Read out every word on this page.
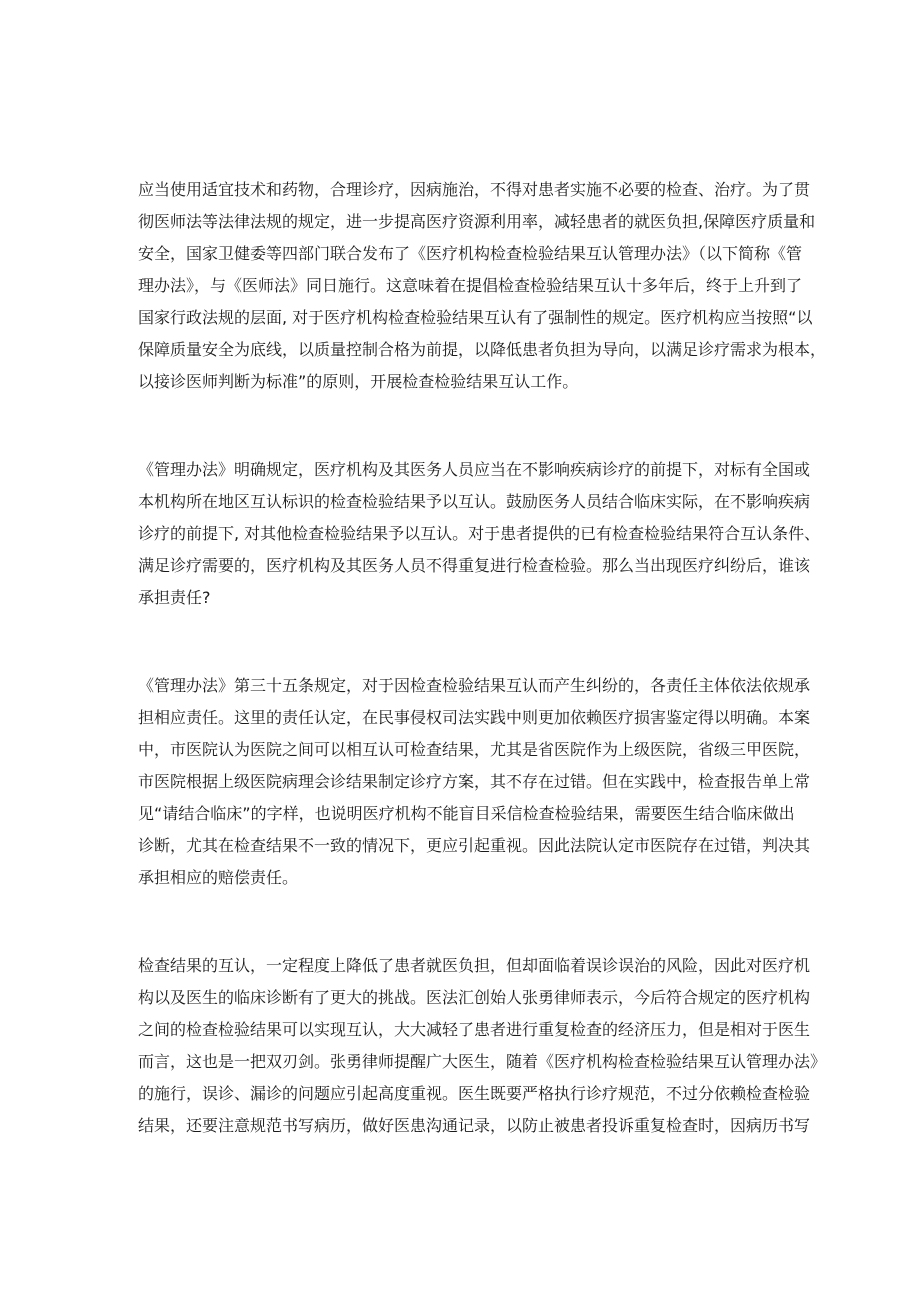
应当使用适宜技术和药物，合理诊疗，因病施治，不得对患者实施不必要的检查、治疗。为了贯
彻医师法等法律法规的规定，进一步提高医疗资源利用率，减轻患者的就医负担,保障医疗质量和
安全，国家卫健委等四部门联合发布了《医疗机构检查检验结果互认管理办法》（以下简称《管
理办法》，与《医师法》同日施行。这意味着在提倡检查检验结果互认十多年后，终于上升到了
国家行政法规的层面, 对于医疗机构检查检验结果互认有了强制性的规定。医疗机构应当按照“以
保障质量安全为底线，以质量控制合格为前提，以降低患者负担为导向，以满足诊疗需求为根本，
以接诊医师判断为标准”的原则，开展检查检验结果互认工作。
《管理办法》明确规定，医疗机构及其医务人员应当在不影响疾病诊疗的前提下，对标有全国或
本机构所在地区互认标识的检查检验结果予以互认。鼓励医务人员结合临床实际，在不影响疾病
诊疗的前提下, 对其他检查检验结果予以互认。对于患者提供的已有检查检验结果符合互认条件、
满足诊疗需要的，医疗机构及其医务人员不得重复进行检查检验。那么当出现医疗纠纷后，谁该
承担责任?
《管理办法》第三十五条规定，对于因检查检验结果互认而产生纠纷的，各责任主体依法依规承
担相应责任。这里的责任认定，在民事侵权司法实践中则更加依赖医疗损害鉴定得以明确。本案
中，市医院认为医院之间可以相互认可检查结果，尤其是省医院作为上级医院，省级三甲医院，
市医院根据上级医院病理会诊结果制定诊疗方案，其不存在过错。但在实践中，检查报告单上常
见“请结合临床”的字样，也说明医疗机构不能盲目采信检查检验结果，需要医生结合临床做出
诊断，尤其在检查结果不一致的情况下，更应引起重视。因此法院认定市医院存在过错，判决其
承担相应的赔偿责任。
检查结果的互认，一定程度上降低了患者就医负担，但却面临着误诊误治的风险，因此对医疗机
构以及医生的临床诊断有了更大的挑战。医法汇创始人张勇律师表示，今后符合规定的医疗机构
之间的检查检验结果可以实现互认，大大减轻了患者进行重复检查的经济压力，但是相对于医生
而言，这也是一把双刃剑。张勇律师提醒广大医生，随着《医疗机构检查检验结果互认管理办法》
的施行，误诊、漏诊的问题应引起高度重视。医生既要严格执行诊疗规范，不过分依赖检查检验
结果，还要注意规范书写病历，做好医患沟通记录，以防止被患者投诉重复检查时，因病历书写
